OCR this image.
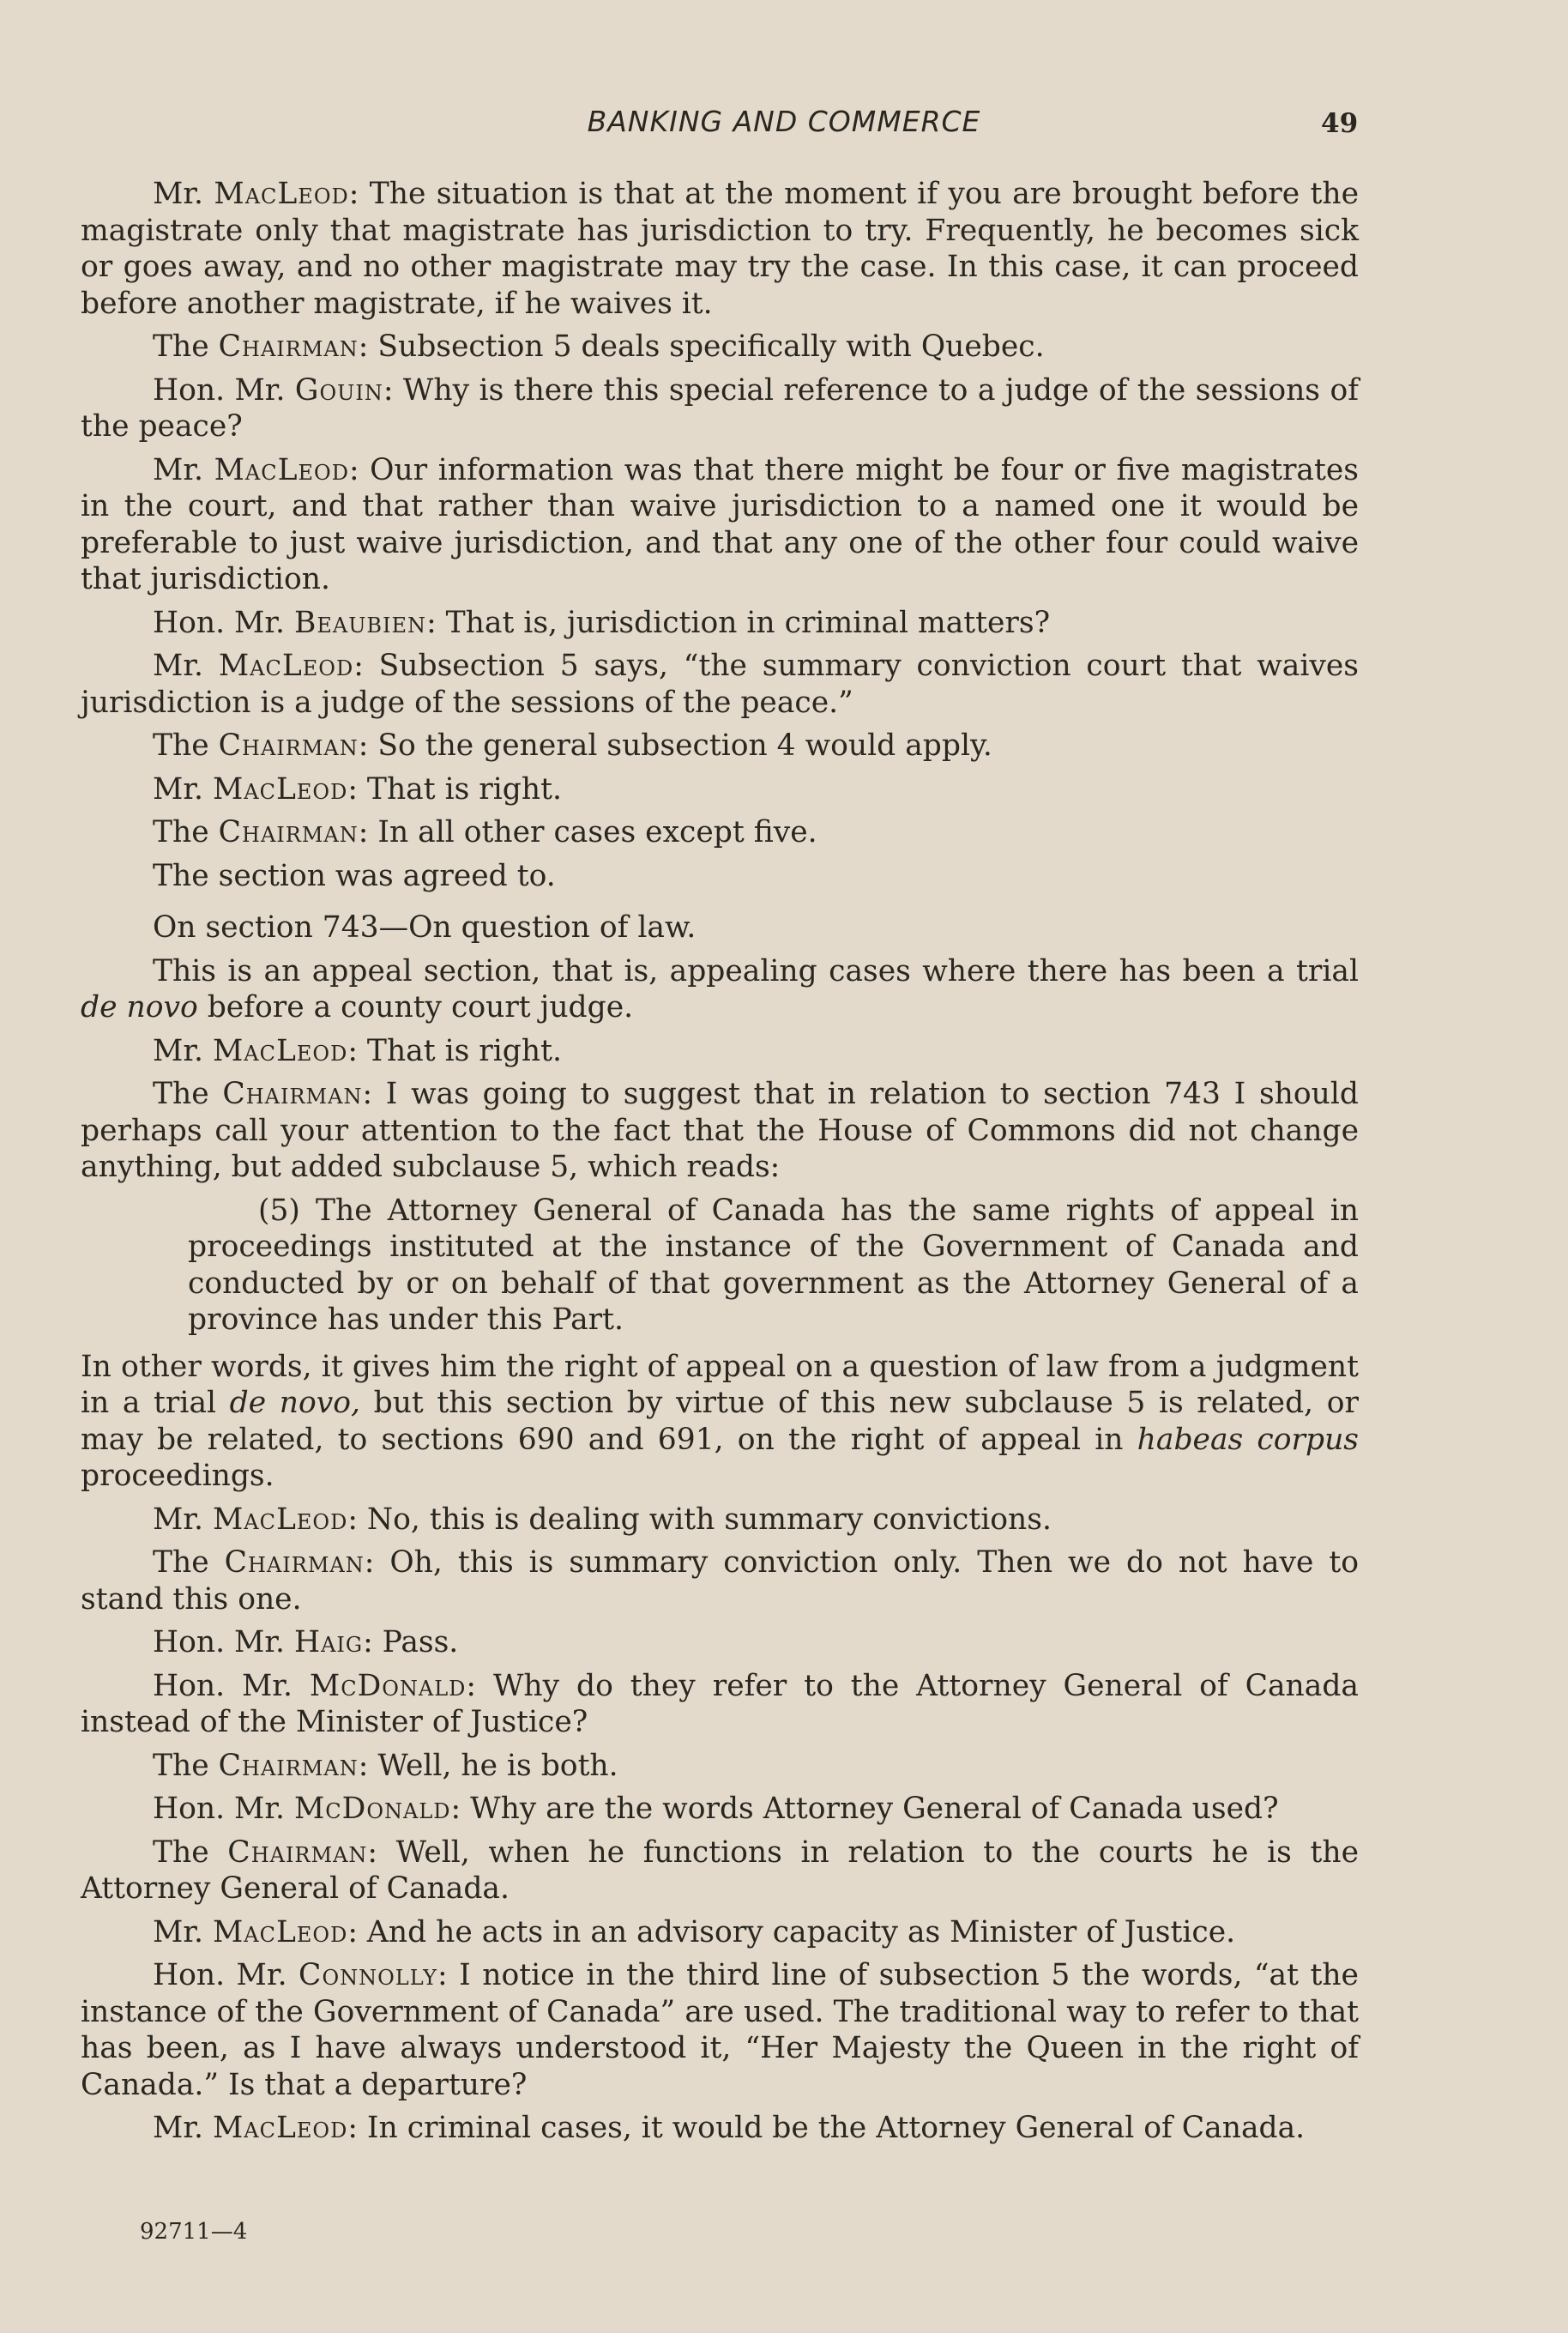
BANKING AND COMMERCE	49

Mr. MacLeod: The situation is that at the moment if you are brought before the magistrate only that magistrate has jurisdiction to try. Frequently, he becomes sick or goes away, and no other magistrate may try the case. In this case, it can proceed before another magistrate, if he waives it.

The Chairman: Subsection 5 deals specifically with Quebec.

Hon. Mr. Gouin: Why is there this special reference to a judge of the sessions of the peace?

Mr. MacLeod: Our information was that there might be four or five magistrates in the court, and that rather than waive jurisdiction to a named one it would be preferable to just waive jurisdiction, and that any one of the other four could waive that jurisdiction.

Hon. Mr. Beaubien: That is, jurisdiction in criminal matters?

Mr. MacLeod: Subsection 5 says, “the summary conviction court that waives jurisdiction is a judge of the sessions of the peace.”

The Chairman: So the general subsection 4 would apply.

Mr. MacLeod: That is right.

The Chairman: In all other cases except five.

The section was agreed to.

On section 743—On question of law.

This is an appeal section, that is, appealing cases where there has been a trial de novo before a county court judge.

Mr. MacLeod: That is right.

The Chairman: I was going to suggest that in relation to section 743 I should perhaps call your attention to the fact that the House of Commons did not change anything, but added subclause 5, which reads:

(5) The Attorney General of Canada has the same rights of appeal in proceedings instituted at the instance of the Government of Canada and conducted by or on behalf of that government as the Attorney General of a province has under this Part.

In other words, it gives him the right of appeal on a question of law from a judgment in a trial de novo, but this section by virtue of this new subclause 5 is related, or may be related, to sections 690 and 691, on the right of appeal in habeas corpus proceedings.

Mr. MacLeod: No, this is dealing with summary convictions.

The Chairman: Oh, this is summary conviction only. Then we do not have to stand this one.

Hon. Mr. Haig: Pass.

Hon. Mr. McDonald: Why do they refer to the Attorney General of Canada instead of the Minister of Justice?

The Chairman: Well, he is both.

Hon. Mr. McDonald: Why are the words Attorney General of Canada used?

The Chairman: Well, when he functions in relation to the courts he is the Attorney General of Canada.

Mr. MacLeod: And he acts in an advisory capacity as Minister of Justice.

Hon. Mr. Connolly: I notice in the third line of subsection 5 the words, “at the instance of the Government of Canada” are used. The traditional way to refer to that has been, as I have always understood it, “Her Majesty the Queen in the right of Canada.” Is that a departure?

Mr. MacLeod: In criminal cases, it would be the Attorney General of Canada.

92711—4
